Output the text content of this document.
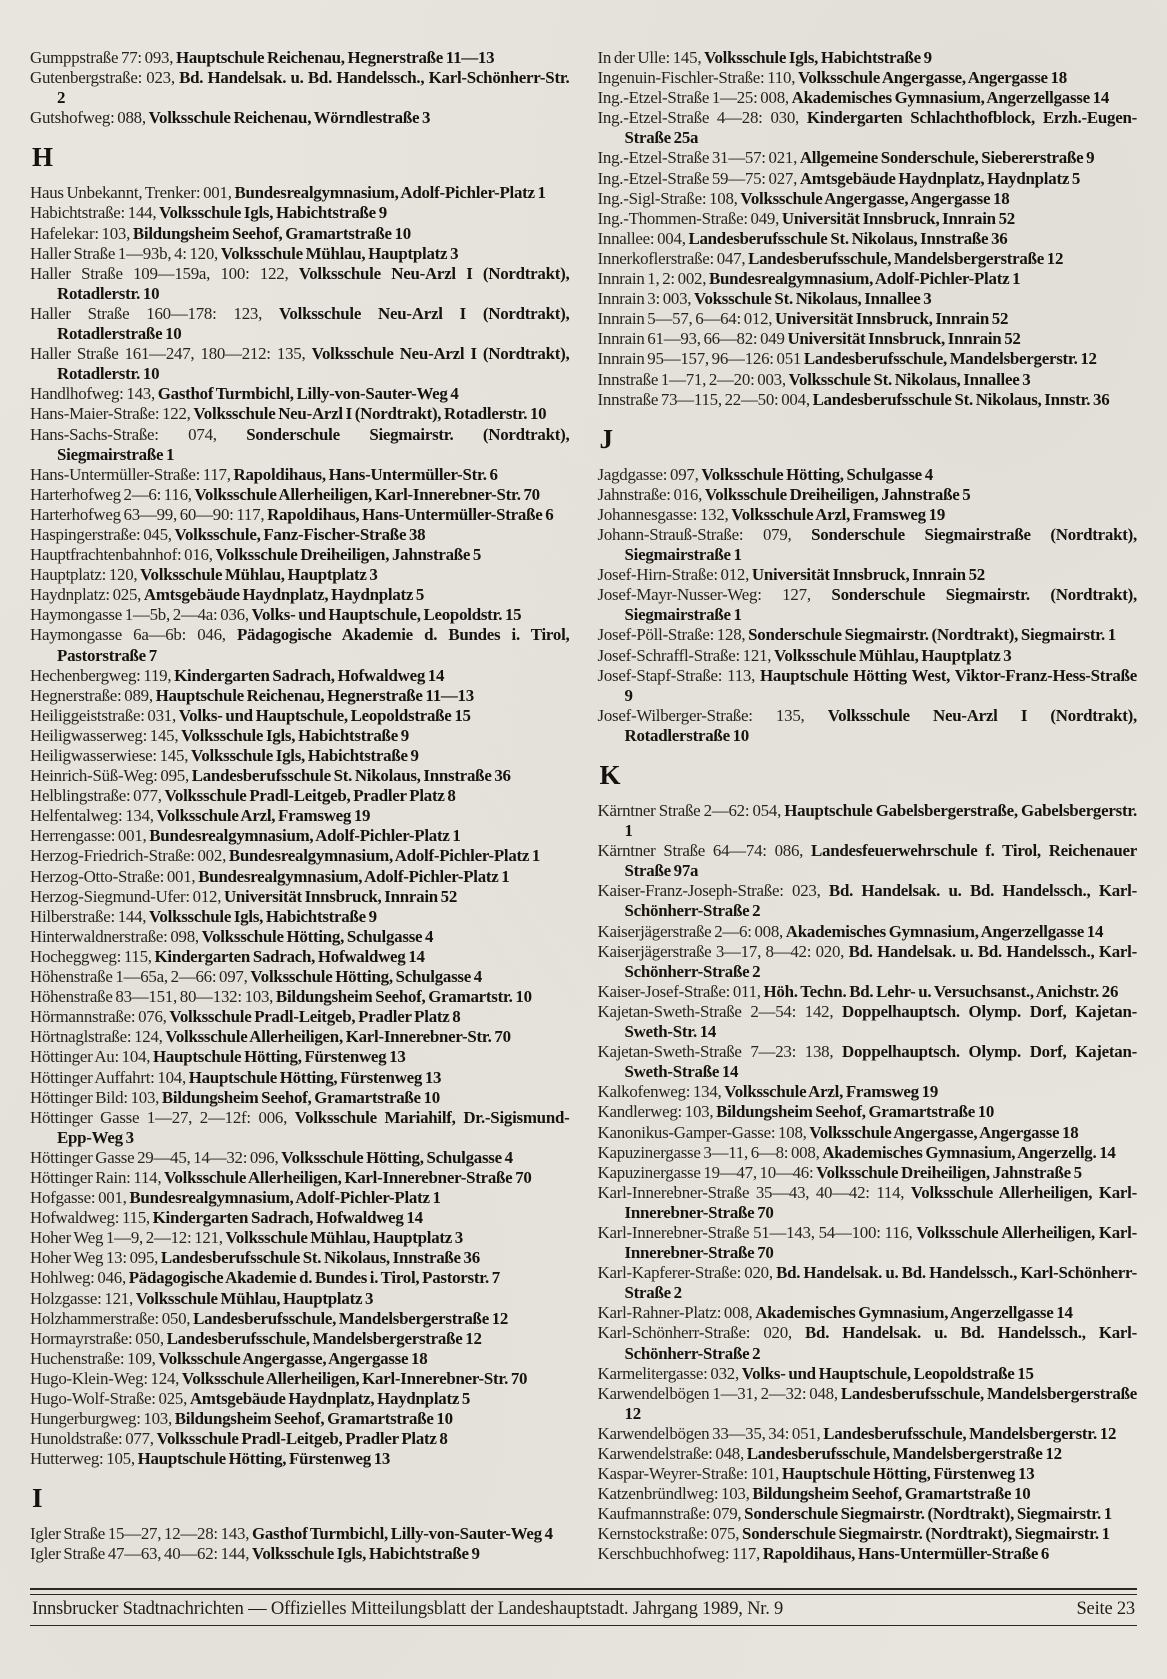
Gumppstraße 77: 093, Hauptschule Reichenau, Hegnerstraße 11—13

Gutenbergstraße: 023, Bd. Handelsak. u. Bd. Handelssch., Karl-Schönherr-Str. 2

Gutshofweg: 088, Volksschule Reichenau, Wörndlestraße 3

H

Haus Unbekannt, Trenker: 001, Bundesrealgymnasium, Adolf-Pichler-Platz 1

Habichtstraße: 144, Volksschule Igls, Habichtstraße 9

Hafelekar: 103, Bildungsheim Seehof, Gramartstraße 10

Haller Straße 1—93b, 4: 120, Volksschule Mühlau, Hauptplatz 3

Haller Straße 109—159a, 100: 122, Volksschule Neu-Arzl I (Nordtrakt), Rotadlerstr. 10

Haller Straße 160—178: 123, Volksschule Neu-Arzl I (Nordtrakt), Rotadlerstraße 10

Haller Straße 161—247, 180—212: 135, Volksschule Neu-Arzl I (Nordtrakt), Rotadlerstr. 10

Handlhofweg: 143, Gasthof Turmbichl, Lilly-von-Sauter-Weg 4

Hans-Maier-Straße: 122, Volksschule Neu-Arzl I (Nordtrakt), Rotadlerstr. 10

Hans-Sachs-Straße: 074, Sonderschule Siegmairstr. (Nordtrakt), Siegmairstraße 1

Hans-Untermüller-Straße: 117, Rapoldihaus, Hans-Untermüller-Str. 6

Harterhofweg 2—6: 116, Volksschule Allerheiligen, Karl-Innerebner-Str. 70

Harterhofweg 63—99, 60—90: 117, Rapoldihaus, Hans-Untermüller-Straße 6

Haspingerstraße: 045, Volksschule, Fanz-Fischer-Straße 38

Hauptfrachtenbahnhof: 016, Volksschule Dreiheiligen, Jahnstraße 5

Hauptplatz: 120, Volksschule Mühlau, Hauptplatz 3

Haydnplatz: 025, Amtsgebäude Haydnplatz, Haydnplatz 5

Haymongasse 1—5b, 2—4a: 036, Volks- und Hauptschule, Leopoldstr. 15

Haymongasse 6a—6b: 046, Pädagogische Akademie d. Bundes i. Tirol, Pastorstraße 7

Hechenbergweg: 119, Kindergarten Sadrach, Hofwaldweg 14

Hegnerstraße: 089, Hauptschule Reichenau, Hegnerstraße 11—13

Heiliggeiststraße: 031, Volks- und Hauptschule, Leopoldstraße 15

Heiligwasserweg: 145, Volksschule Igls, Habichtstraße 9

Heiligwasserwiese: 145, Volksschule Igls, Habichtstraße 9

Heinrich-Süß-Weg: 095, Landesberufsschule St. Nikolaus, Innstraße 36

Helblingstraße: 077, Volksschule Pradl-Leitgeb, Pradler Platz 8

Helfentalweg: 134, Volksschule Arzl, Framsweg 19

Herrengasse: 001, Bundesrealgymnasium, Adolf-Pichler-Platz 1

Herzog-Friedrich-Straße: 002, Bundesrealgymnasium, Adolf-Pichler-Platz 1

Herzog-Otto-Straße: 001, Bundesrealgymnasium, Adolf-Pichler-Platz 1

Herzog-Siegmund-Ufer: 012, Universität Innsbruck, Innrain 52

Hilberstraße: 144, Volksschule Igls, Habichtstraße 9

Hinterwaldnerstraße: 098, Volksschule Hötting, Schulgasse 4

Hocheggweg: 115, Kindergarten Sadrach, Hofwaldweg 14

Höhenstraße 1—65a, 2—66: 097, Volksschule Hötting, Schulgasse 4

Höhenstraße 83—151, 80—132: 103, Bildungsheim Seehof, Gramartstr. 10

Hörmannstraße: 076, Volksschule Pradl-Leitgeb, Pradler Platz 8

Hörtnaglstraße: 124, Volksschule Allerheiligen, Karl-Innerebner-Str. 70

Höttinger Au: 104, Hauptschule Hötting, Fürstenweg 13

Höttinger Auffahrt: 104, Hauptschule Hötting, Fürstenweg 13

Höttinger Bild: 103, Bildungsheim Seehof, Gramartstraße 10

Höttinger Gasse 1—27, 2—12f: 006, Volksschule Mariahilf, Dr.-Sigismund-Epp-Weg 3

Höttinger Gasse 29—45, 14—32: 096, Volksschule Hötting, Schulgasse 4

Höttinger Rain: 114, Volksschule Allerheiligen, Karl-Innerebner-Straße 70

Hofgasse: 001, Bundesrealgymnasium, Adolf-Pichler-Platz 1

Hofwaldweg: 115, Kindergarten Sadrach, Hofwaldweg 14

Hoher Weg 1—9, 2—12: 121, Volksschule Mühlau, Hauptplatz 3

Hoher Weg 13: 095, Landesberufsschule St. Nikolaus, Innstraße 36

Hohlweg: 046, Pädagogische Akademie d. Bundes i. Tirol, Pastorstr. 7

Holzgasse: 121, Volksschule Mühlau, Hauptplatz 3

Holzhammerstraße: 050, Landesberufsschule, Mandelsbergerstraße 12

Hormayrstraße: 050, Landesberufsschule, Mandelsbergerstraße 12

Huchenstraße: 109, Volksschule Angergasse, Angergasse 18

Hugo-Klein-Weg: 124, Volksschule Allerheiligen, Karl-Innerebner-Str. 70

Hugo-Wolf-Straße: 025, Amtsgebäude Haydnplatz, Haydnplatz 5

Hungerburgweg: 103, Bildungsheim Seehof, Gramartstraße 10

Hunoldstraße: 077, Volksschule Pradl-Leitgeb, Pradler Platz 8

Hutterweg: 105, Hauptschule Hötting, Fürstenweg 13

I

Igler Straße 15—27, 12—28: 143, Gasthof Turmbichl, Lilly-von-Sauter-Weg 4

Igler Straße 47—63, 40—62: 144, Volksschule Igls, Habichtstraße 9

In der Ulle: 145, Volksschule Igls, Habichtstraße 9

Ingenuin-Fischler-Straße: 110, Volksschule Angergasse, Angergasse 18

Ing.-Etzel-Straße 1—25: 008, Akademisches Gymnasium, Angerzellgasse 14

Ing.-Etzel-Straße 4—28: 030, Kindergarten Schlachthofblock, Erzh.-Eugen-Straße 25a

Ing.-Etzel-Straße 31—57: 021, Allgemeine Sonderschule, Siebererstraße 9

Ing.-Etzel-Straße 59—75: 027, Amtsgebäude Haydnplatz, Haydnplatz 5

Ing.-Sigl-Straße: 108, Volksschule Angergasse, Angergasse 18

Ing.-Thommen-Straße: 049, Universität Innsbruck, Innrain 52

Innallee: 004, Landesberufsschule St. Nikolaus, Innstraße 36

Innerkoflerstraße: 047, Landesberufsschule, Mandelsbergerstraße 12

Innrain 1, 2: 002, Bundesrealgymnasium, Adolf-Pichler-Platz 1

Innrain 3: 003, Voksschule St. Nikolaus, Innallee 3

Innrain 5—57, 6—64: 012, Universität Innsbruck, Innrain 52

Innrain 61—93, 66—82: 049 Universität Innsbruck, Innrain 52

Innrain 95—157, 96—126: 051 Landesberufsschule, Mandelsbergerstr. 12

Innstraße 1—71, 2—20: 003, Volksschule St. Nikolaus, Innallee 3

Innstraße 73—115, 22—50: 004, Landesberufsschule St. Nikolaus, Innstr. 36

J

Jagdgasse: 097, Volksschule Hötting, Schulgasse 4

Jahnstraße: 016, Volksschule Dreiheiligen, Jahnstraße 5

Johannesgasse: 132, Volksschule Arzl, Framsweg 19

Johann-Strauß-Straße: 079, Sonderschule Siegmairstraße (Nordtrakt), Siegmairstraße 1

Josef-Hirn-Straße: 012, Universität Innsbruck, Innrain 52

Josef-Mayr-Nusser-Weg: 127, Sonderschule Siegmairstr. (Nordtrakt), Siegmairstraße 1

Josef-Pöll-Straße: 128, Sonderschule Siegmairstr. (Nordtrakt), Siegmairstr. 1

Josef-Schraffl-Straße: 121, Volksschule Mühlau, Hauptplatz 3

Josef-Stapf-Straße: 113, Hauptschule Hötting West, Viktor-Franz-Hess-Straße 9

Josef-Wilberger-Straße: 135, Volksschule Neu-Arzl I (Nordtrakt), Rotadlerstraße 10

K

Kärntner Straße 2—62: 054, Hauptschule Gabelsbergerstraße, Gabelsbergerstr. 1

Kärntner Straße 64—74: 086, Landesfeuerwehrschule f. Tirol, Reichenauer Straße 97a

Kaiser-Franz-Joseph-Straße: 023, Bd. Handelsak. u. Bd. Handelssch., Karl-Schönherr-Straße 2

Kaiserjägerstraße 2—6: 008, Akademisches Gymnasium, Angerzellgasse 14

Kaiserjägerstraße 3—17, 8—42: 020, Bd. Handelsak. u. Bd. Handelssch., Karl-Schönherr-Straße 2

Kaiser-Josef-Straße: 011, Höh. Techn. Bd. Lehr- u. Versuchsanst., Anichstr. 26

Kajetan-Sweth-Straße 2—54: 142, Doppelhauptsch. Olymp. Dorf, Kajetan-Sweth-Str. 14

Kajetan-Sweth-Straße 7—23: 138, Doppelhauptsch. Olymp. Dorf, Kajetan-Sweth-Straße 14

Kalkofenweg: 134, Volksschule Arzl, Framsweg 19

Kandlerweg: 103, Bildungsheim Seehof, Gramartstraße 10

Kanonikus-Gamper-Gasse: 108, Volksschule Angergasse, Angergasse 18

Kapuzinergasse 3—11, 6—8: 008, Akademisches Gymnasium, Angerzellg. 14

Kapuzinergasse 19—47, 10—46: Volksschule Dreiheiligen, Jahnstraße 5

Karl-Innerebner-Straße 35—43, 40—42: 114, Volksschule Allerheiligen, Karl-Innerebner-Straße 70

Karl-Innerebner-Straße 51—143, 54—100: 116, Volksschule Allerheiligen, Karl-Innerebner-Straße 70

Karl-Kapferer-Straße: 020, Bd. Handelsak. u. Bd. Handelssch., Karl-Schönherr-Straße 2

Karl-Rahner-Platz: 008, Akademisches Gymnasium, Angerzellgasse 14

Karl-Schönherr-Straße: 020, Bd. Handelsak. u. Bd. Handelssch., Karl-Schönherr-Straße 2

Karmelitergasse: 032, Volks- und Hauptschule, Leopoldstraße 15

Karwendelbögen 1—31, 2—32: 048, Landesberufsschule, Mandelsbergerstraße 12

Karwendelbögen 33—35, 34: 051, Landesberufsschule, Mandelsbergerstr. 12

Karwendelstraße: 048, Landesberufsschule, Mandelsbergerstraße 12

Kaspar-Weyrer-Straße: 101, Hauptschule Hötting, Fürstenweg 13

Katzenbründlweg: 103, Bildungsheim Seehof, Gramartstraße 10

Kaufmannstraße: 079, Sonderschule Siegmairstr. (Nordtrakt), Siegmairstr. 1

Kernstockstraße: 075, Sonderschule Siegmairstr. (Nordtrakt), Siegmairstr. 1

Kerschbuchhofweg: 117, Rapoldihaus, Hans-Untermüller-Straße 6

Innsbrucker Stadtnachrichten — Offizielles Mitteilungsblatt der Landeshauptstadt. Jahrgang 1989, Nr. 9	Seite 23
